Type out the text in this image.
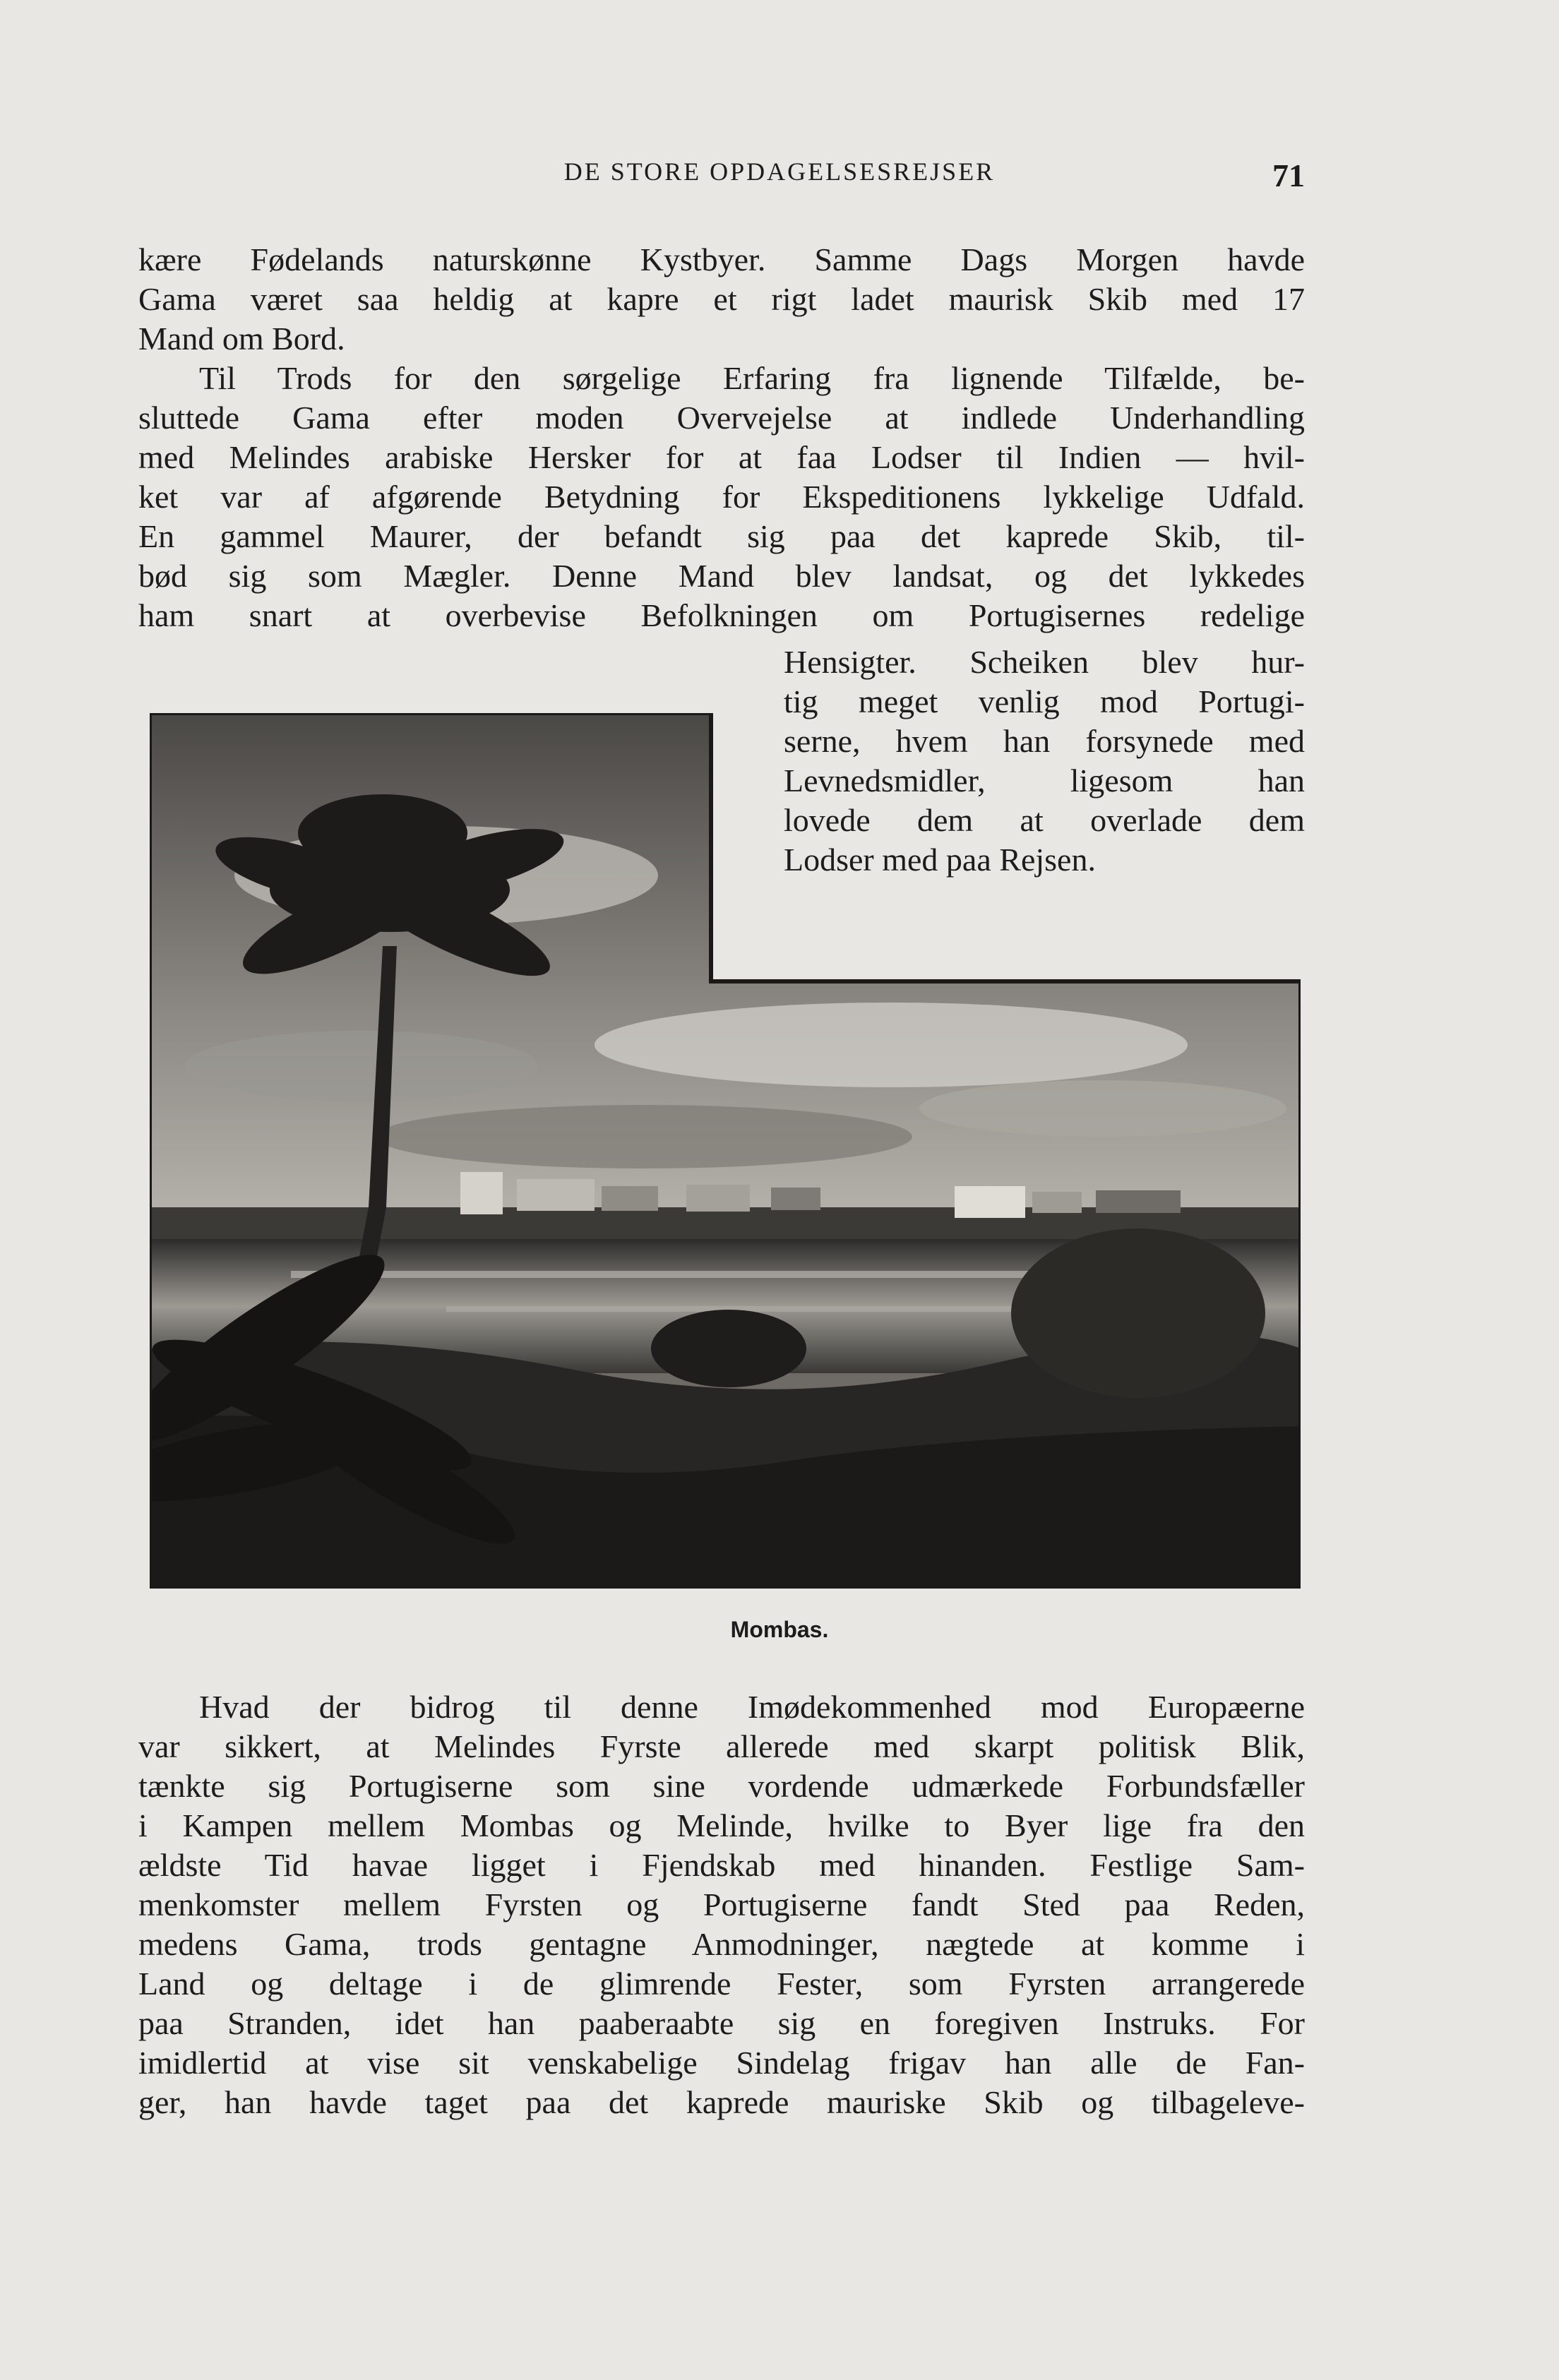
DE STORE OPDAGELSESREJSER	71

kære Fødelands naturskønne Kystbyer. Samme Dags Morgen havde

Gama været saa heldig at kapre et rigt ladet maurisk Skib med 17

Mand om Bord.

Til Trods for den sørgelige Erfaring fra lignende Tilfælde, be-

sluttede Gama efter moden Overvejelse at indlede Underhandling

med Melindes arabiske Hersker for at faa Lodser til Indien — hvil-

ket var af afgørende Betydning for Ekspeditionens lykkelige Udfald.

En gammel Maurer, der befandt sig paa det kaprede Skib, til-

bød sig som Mægler. Denne Mand blev landsat, og det lykkedes

ham snart at overbevise Befolkningen om Portugisernes redelige

Hensigter. Scheiken blev hur-

tig meget venlig mod Portugi-

serne, hvem han forsynede med

Levnedsmidler, ligesom han

lovede dem at overlade dem

Lodser med paa Rejsen.

Mombas.

Hvad der bidrog til denne Imødekommenhed mod Europæerne

var sikkert, at Melindes Fyrste allerede med skarpt politisk Blik,

tænkte sig Portugiserne som sine vordende udmærkede Forbundsfæller

i Kampen mellem Mombas og Melinde, hvilke to Byer lige fra den

ældste Tid havae ligget i Fjendskab med hinanden. Festlige Sam-

menkomster mellem Fyrsten og Portugiserne fandt Sted paa Reden,

medens Gama, trods gentagne Anmodninger, nægtede at komme i

Land og deltage i de glimrende Fester, som Fyrsten arrangerede

paa Stranden, idet han paaberaabte sig en foregiven Instruks. For

imidlertid at vise sit venskabelige Sindelag frigav han alle de Fan-

ger, han havde taget paa det kaprede mauriske Skib og tilbageleve-
